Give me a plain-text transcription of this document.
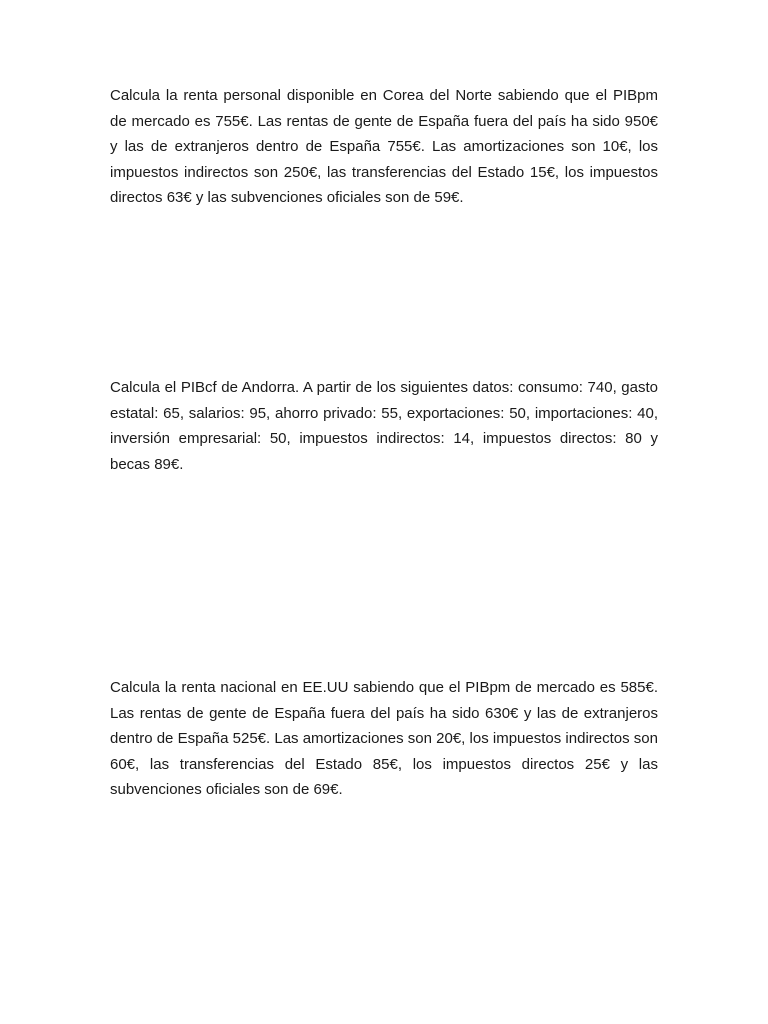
Calcula la renta personal disponible en Corea del Norte sabiendo que el PIBpm de mercado es 755€. Las rentas de gente de España fuera del país ha sido 950€ y las de extranjeros dentro de España 755€. Las amortizaciones son 10€, los impuestos indirectos son 250€, las transferencias del Estado 15€, los impuestos directos 63€ y las subvenciones oficiales son de 59€.

Calcula el PIBcf de Andorra. A partir de los siguientes datos: consumo: 740, gasto estatal: 65, salarios: 95, ahorro privado: 55, exportaciones: 50, importaciones: 40, inversión empresarial: 50, impuestos indirectos: 14, impuestos directos: 80 y becas 89€.

Calcula la renta nacional en EE.UU sabiendo que el PIBpm de mercado es 585€. Las rentas de gente de España fuera del país ha sido 630€ y las de extranjeros dentro de España 525€. Las amortizaciones son 20€, los impuestos indirectos son 60€, las transferencias del Estado 85€, los impuestos directos 25€ y las subvenciones oficiales son de 69€.
